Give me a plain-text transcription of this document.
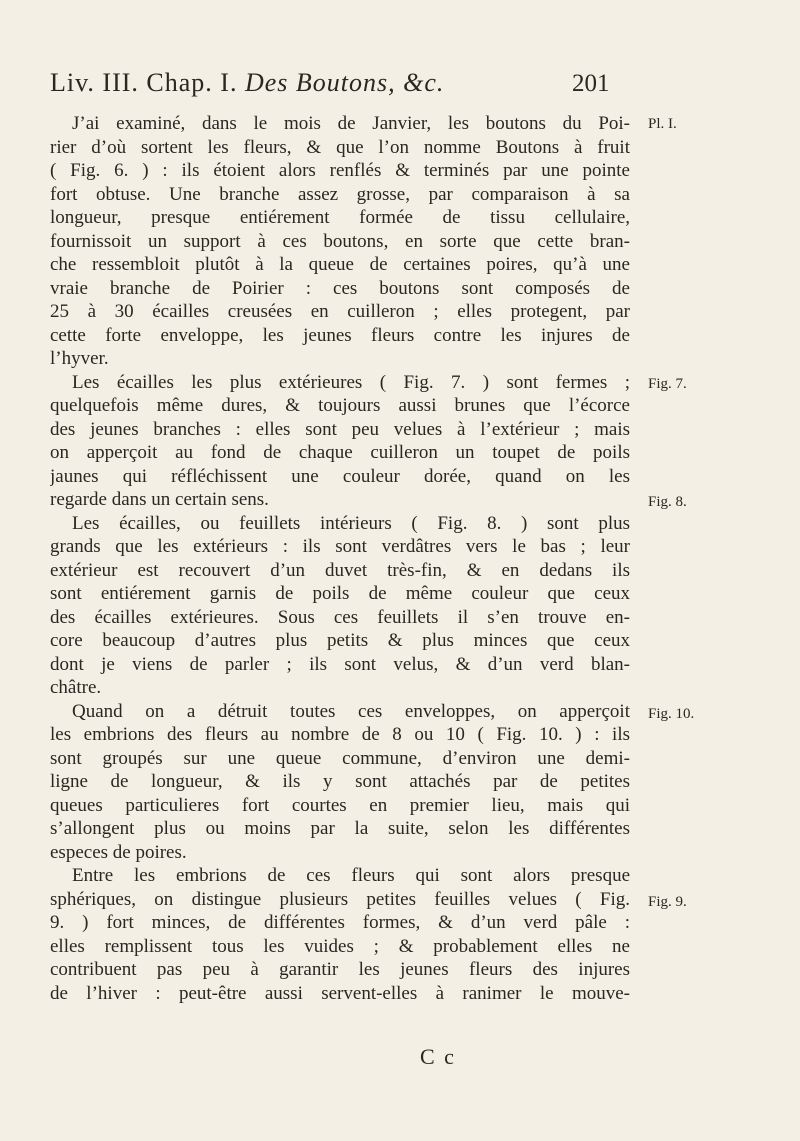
Liv. III. Chap. I. Des Boutons, &c.	201
J’ai examiné, dans le mois de Janvier, les boutons du Poi-
rier d’où sortent les fleurs, & que l’on nomme Boutons à fruit
( Fig. 6. ) : ils étoient alors renflés & terminés par une pointe
fort obtuse. Une branche assez grosse, par comparaison à sa
longueur, presque entiérement formée de tissu cellulaire,
fournissoit un support à ces boutons, en sorte que cette bran-
che ressembloit plutôt à la queue de certaines poires, qu’à une
vraie branche de Poirier : ces boutons sont composés de
25 à 30 écailles creusées en cuilleron ; elles protegent, par
cette forte enveloppe, les jeunes fleurs contre les injures de
l’hyver.
Les écailles les plus extérieures ( Fig. 7. ) sont fermes ;
quelquefois même dures, & toujours aussi brunes que l’écorce
des jeunes branches : elles sont peu velues à l’extérieur ; mais
on apperçoit au fond de chaque cuilleron un toupet de poils
jaunes qui réfléchissent une couleur dorée, quand on les
regarde dans un certain sens.
Les écailles, ou feuillets intérieurs ( Fig. 8. ) sont plus
grands que les extérieurs : ils sont verdâtres vers le bas ; leur
extérieur est recouvert d’un duvet très-fin, & en dedans ils
sont entiérement garnis de poils de même couleur que ceux
des écailles extérieures. Sous ces feuillets il s’en trouve en-
core beaucoup d’autres plus petits & plus minces que ceux
dont je viens de parler ; ils sont velus, & d’un verd blan-
châtre.
Quand on a détruit toutes ces enveloppes, on apperçoit
les embrions des fleurs au nombre de 8 ou 10 ( Fig. 10. ) : ils
sont groupés sur une queue commune, d’environ une demi-
ligne de longueur, & ils y sont attachés par de petites
queues particulieres fort courtes en premier lieu, mais qui
s’allongent plus ou moins par la suite, selon les différentes
especes de poires.
Entre les embrions de ces fleurs qui sont alors presque
sphériques, on distingue plusieurs petites feuilles velues ( Fig.
9. ) fort minces, de différentes formes, & d’un verd pâle :
elles remplissent tous les vuides ; & probablement elles ne
contribuent pas peu à garantir les jeunes fleurs des injures
de l’hiver : peut-être aussi servent-elles à ranimer le mouve-
Pl. I.
Fig. 7.
Fig. 8.
Fig. 10.
Fig. 9.
C c
